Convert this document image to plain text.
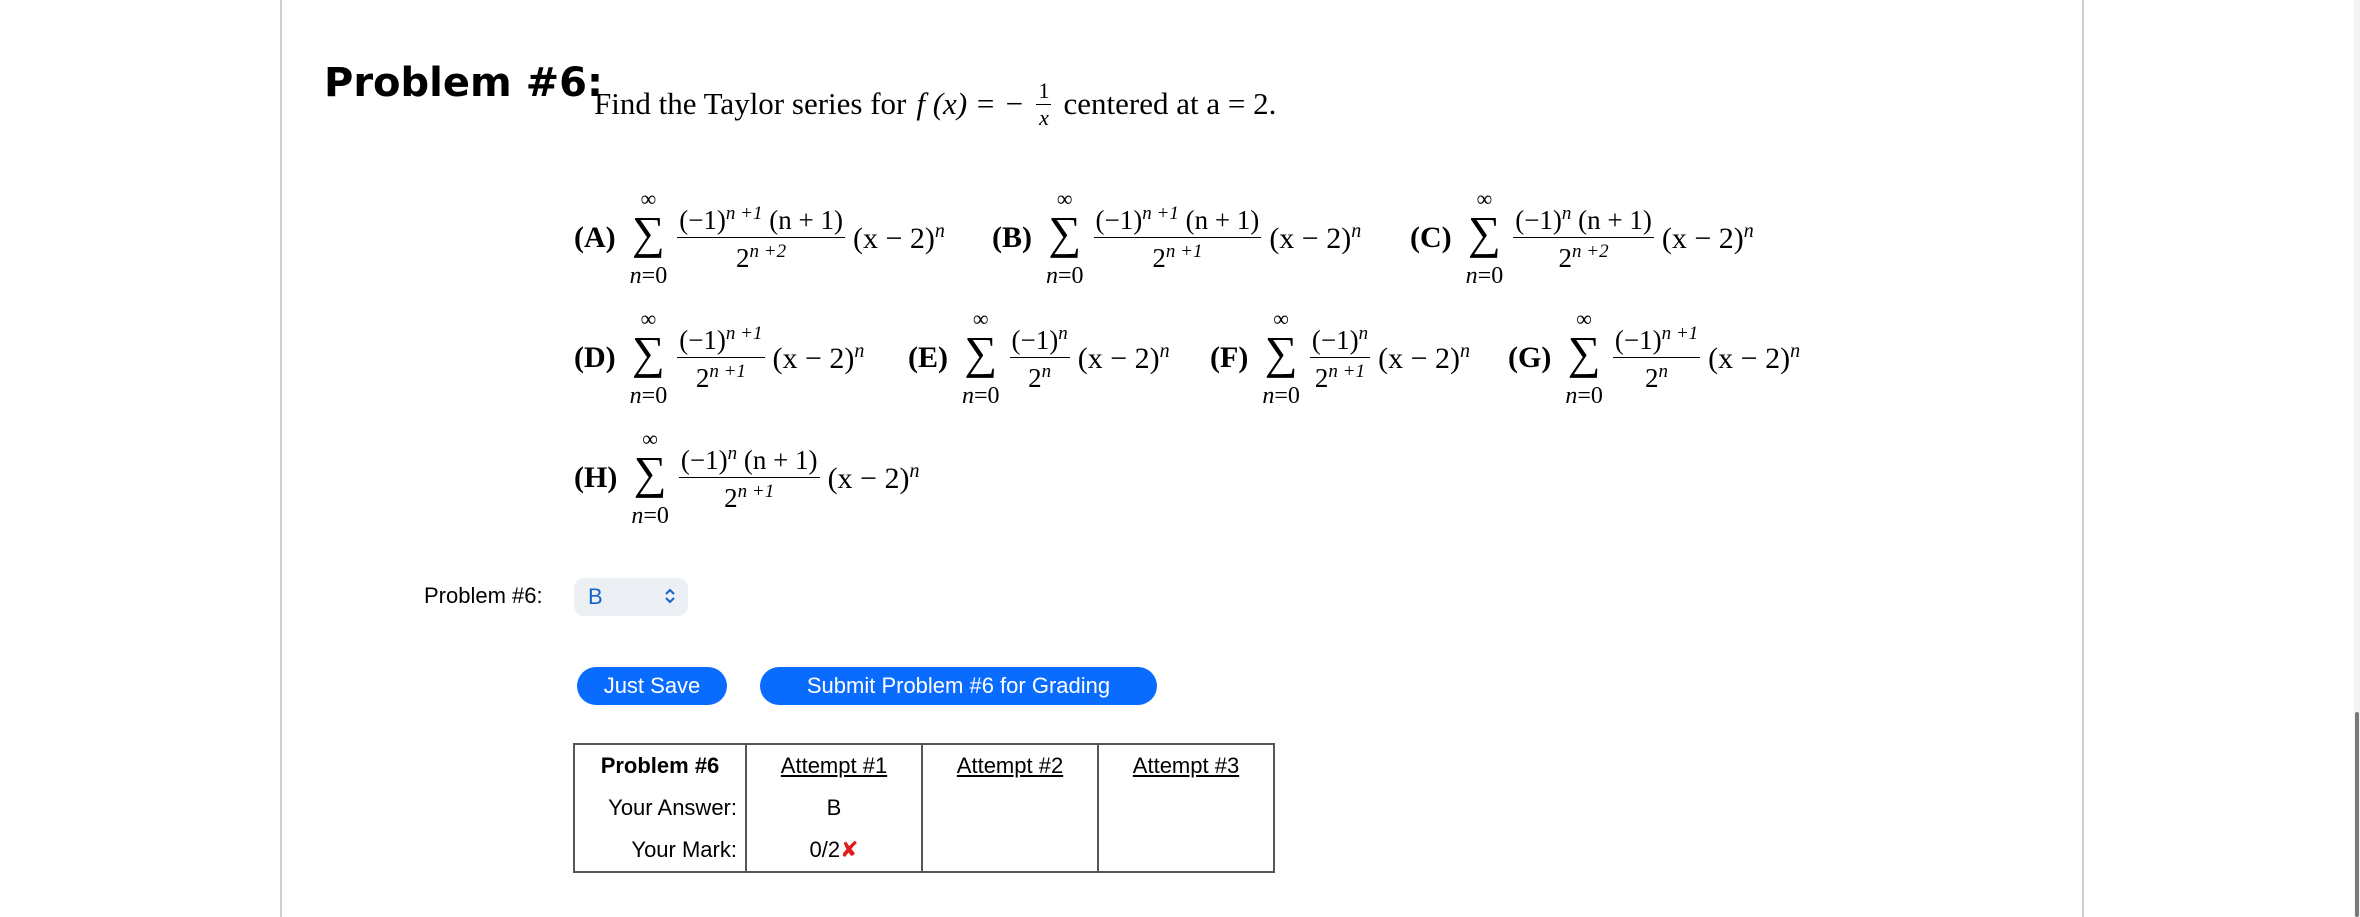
Problem #6:
Find the Taylor series for f (x) = − $\frac{1}{x}$ centered at a = 2.
(A)
∞
∑
n=0
$\frac{(-1)^{n +1} (n + 1)}{2^{n +2}} (x - 2)^n$ (B)
∞
∑
n=0
$\frac{(-1)^{n +1} (n + 1)}{2^{n +1}} (x - 2)^n$ (C)
∞
∑
n=0
$\frac{(-1)^n (n + 1)}{2^{n +2}} (x - 2)^n$
(D)
∞
∑
n=0
$\frac{(-1)^{n +1}}{2^{n +1}} (x - 2)^n$ (E)
∞
∑
n=0
$\frac{(-1)^n}{2^n} (x - 2)^n$ (F)
∞
∑
n=0
$\frac{(-1)^n}{2^{n +1}} (x - 2)^n$ (G)
∞
∑
n=0
$\frac{(-1)^{n +1}}{2^n} (x - 2)^n$
(H)
∞
∑
n=0
$\frac{(-1)^n (n + 1)}{2^{n +1}} (x - 2)^n$
Problem #6: B
Just Save	Submit Problem #6 for Grading
Problem #6	Attempt #1	Attempt #2	Attempt #3
Your Answer:	B		
Your Mark:	0/2✘		
